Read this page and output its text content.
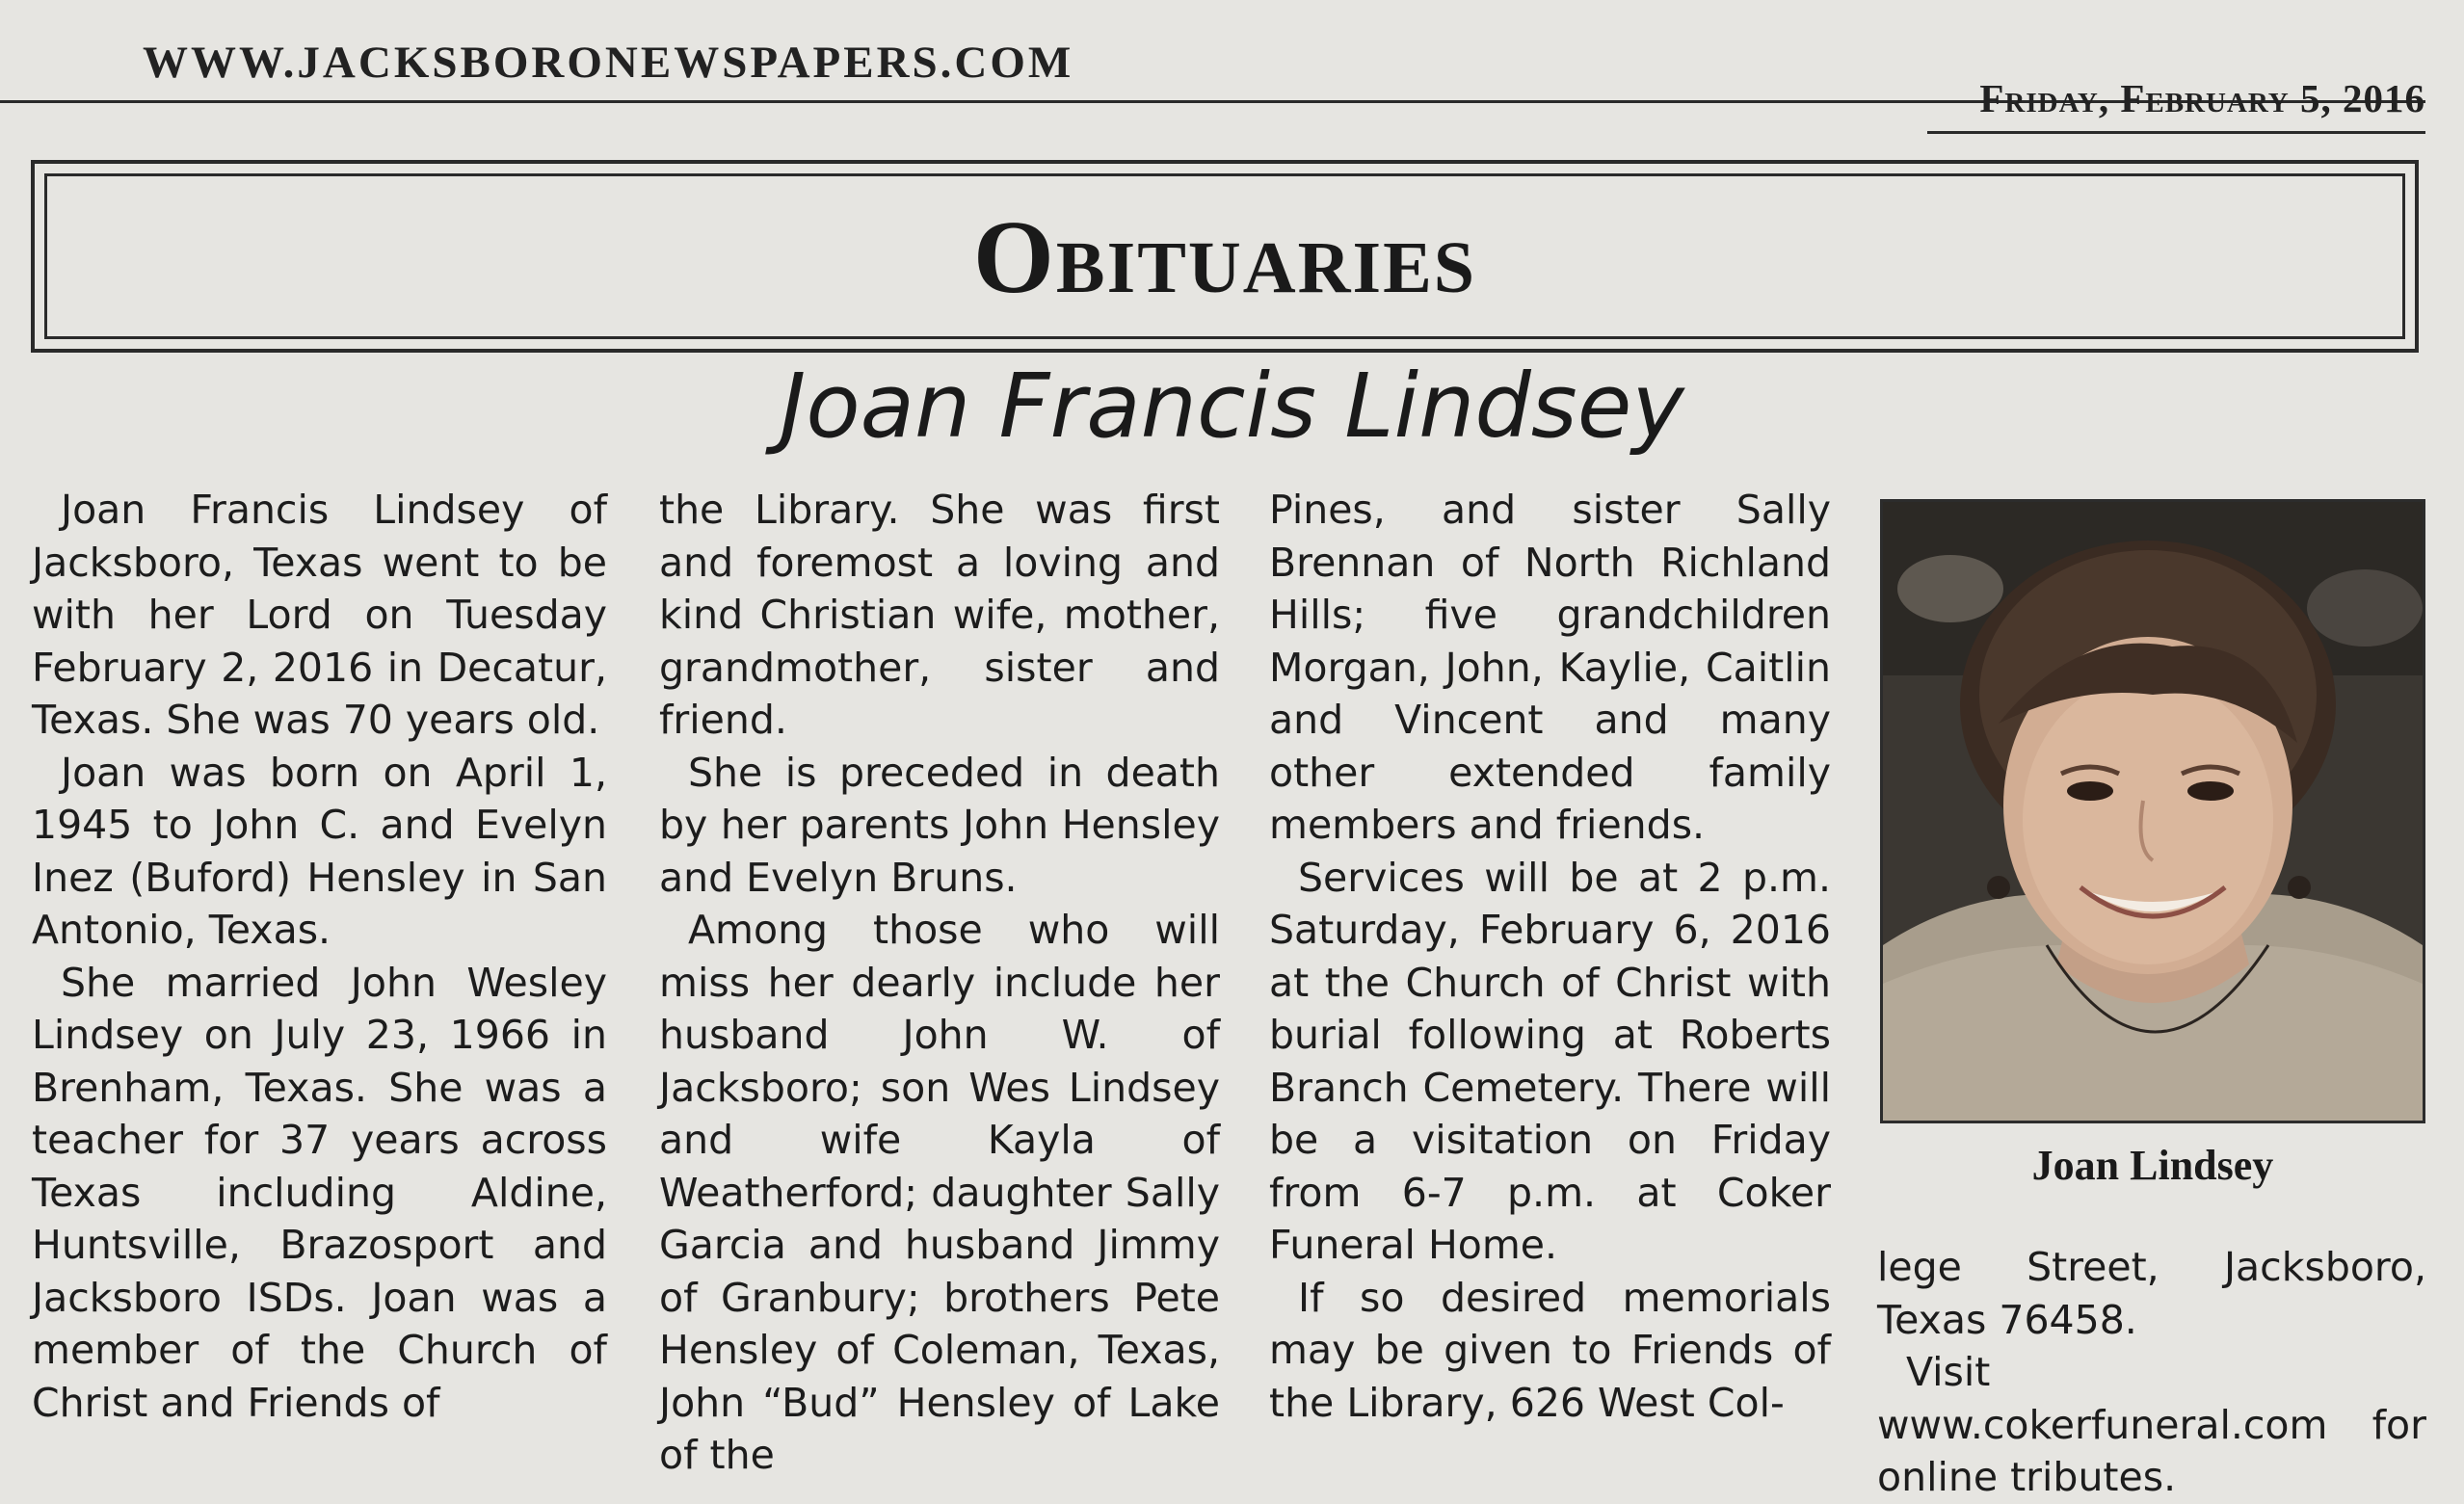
WWW.JACKSBORONEWSPAPERS.COM
Friday, February 5, 2016
Obituaries
Joan Francis Lindsey

Joan Francis Lindsey of Jacksboro, Texas went to be with her Lord on Tuesday February 2, 2016 in Decatur, Texas. She was 70 years old.

Joan was born on April 1, 1945 to John C. and Evelyn Inez (Buford) Hensley in San Antonio, Texas.

She married John Wesley Lindsey on July 23, 1966 in Brenham, Texas. She was a teacher for 37 years across Texas including Aldine, Huntsville, Brazosport and Jacksboro ISDs. Joan was a member of the Church of Christ and Friends of

the Library. She was first and foremost a loving and kind Christian wife, mother, grandmother, sister and friend.

She is preceded in death by her parents John Hensley and Evelyn Bruns.

Among those who will miss her dearly include her husband John W. of Jacksboro; son Wes Lindsey and wife Kayla of Weatherford; daughter Sally Garcia and husband Jimmy of Granbury; brothers Pete Hensley of Coleman, Texas, John “Bud” Hensley of Lake of the

Pines, and sister Sally Brennan of North Richland Hills; five grandchildren Morgan, John, Kaylie, Caitlin and Vincent and many other extended family members and friends.

Services will be at 2 p.m. Saturday, February 6, 2016 at the Church of Christ with burial following at Roberts Branch Cemetery. There will be a visitation on Friday from 6-7 p.m. at Coker Funeral Home.

If so desired memorials may be given to Friends of the Library, 626 West Col-

Joan Lindsey

lege Street, Jacksboro, Texas 76458.

Visit www.cokerfuneral.com for online tributes.
